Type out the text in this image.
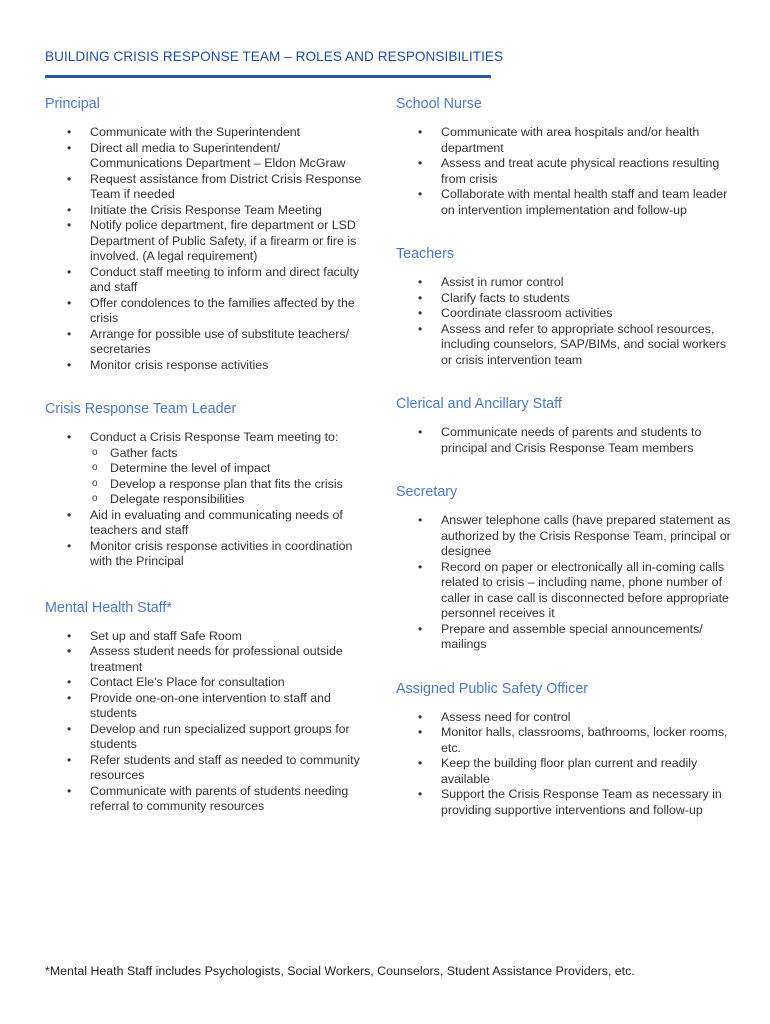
BUILDING CRISIS RESPONSE TEAM – ROLES AND RESPONSIBILITIES
Principal
• Communicate with the Superintendent
• Direct all media to Superintendent/ Communications Department – Eldon McGraw
• Request assistance from District Crisis Response Team if needed
• Initiate the Crisis Response Team Meeting
• Notify police department, fire department or LSD Department of Public Safety, if a firearm or fire is involved. (A legal requirement)
• Conduct staff meeting to inform and direct faculty and staff
• Offer condolences to the families affected by the crisis
• Arrange for possible use of substitute teachers/ secretaries
• Monitor crisis response activities
Crisis Response Team Leader
• Conduct a Crisis Response Team meeting to:
o Gather facts
o Determine the level of impact
o Develop a response plan that fits the crisis
o Delegate responsibilities
• Aid in evaluating and communicating needs of teachers and staff
• Monitor crisis response activities in coordination with the Principal
Mental Health Staff*
• Set up and staff Safe Room
• Assess student needs for professional outside treatment
• Contact Ele’s Place for consultation
• Provide one-on-one intervention to staff and students
• Develop and run specialized support groups for students
• Refer students and staff as needed to community resources
• Communicate with parents of students needing referral to community resources
School Nurse
• Communicate with area hospitals and/or health department
• Assess and treat acute physical reactions resulting from crisis
• Collaborate with mental health staff and team leader on intervention implementation and follow-up
Teachers
• Assist in rumor control
• Clarify facts to students
• Coordinate classroom activities
• Assess and refer to appropriate school resources, including counselors, SAP/BIMs, and social workers or crisis intervention team
Clerical and Ancillary Staff
• Communicate needs of parents and students to principal and Crisis Response Team members
Secretary
• Answer telephone calls (have prepared statement as authorized by the Crisis Response Team, principal or designee
• Record on paper or electronically all in-coming calls related to crisis – including name, phone number of caller in case call is disconnected before appropriate personnel receives it
• Prepare and assemble special announcements/ mailings
Assigned Public Safety Officer
• Assess need for control
• Monitor halls, classrooms, bathrooms, locker rooms, etc.
• Keep the building floor plan current and readily available
• Support the Crisis Response Team as necessary in providing supportive interventions and follow-up
*Mental Heath Staff includes Psychologists, Social Workers, Counselors, Student Assistance Providers, etc.
